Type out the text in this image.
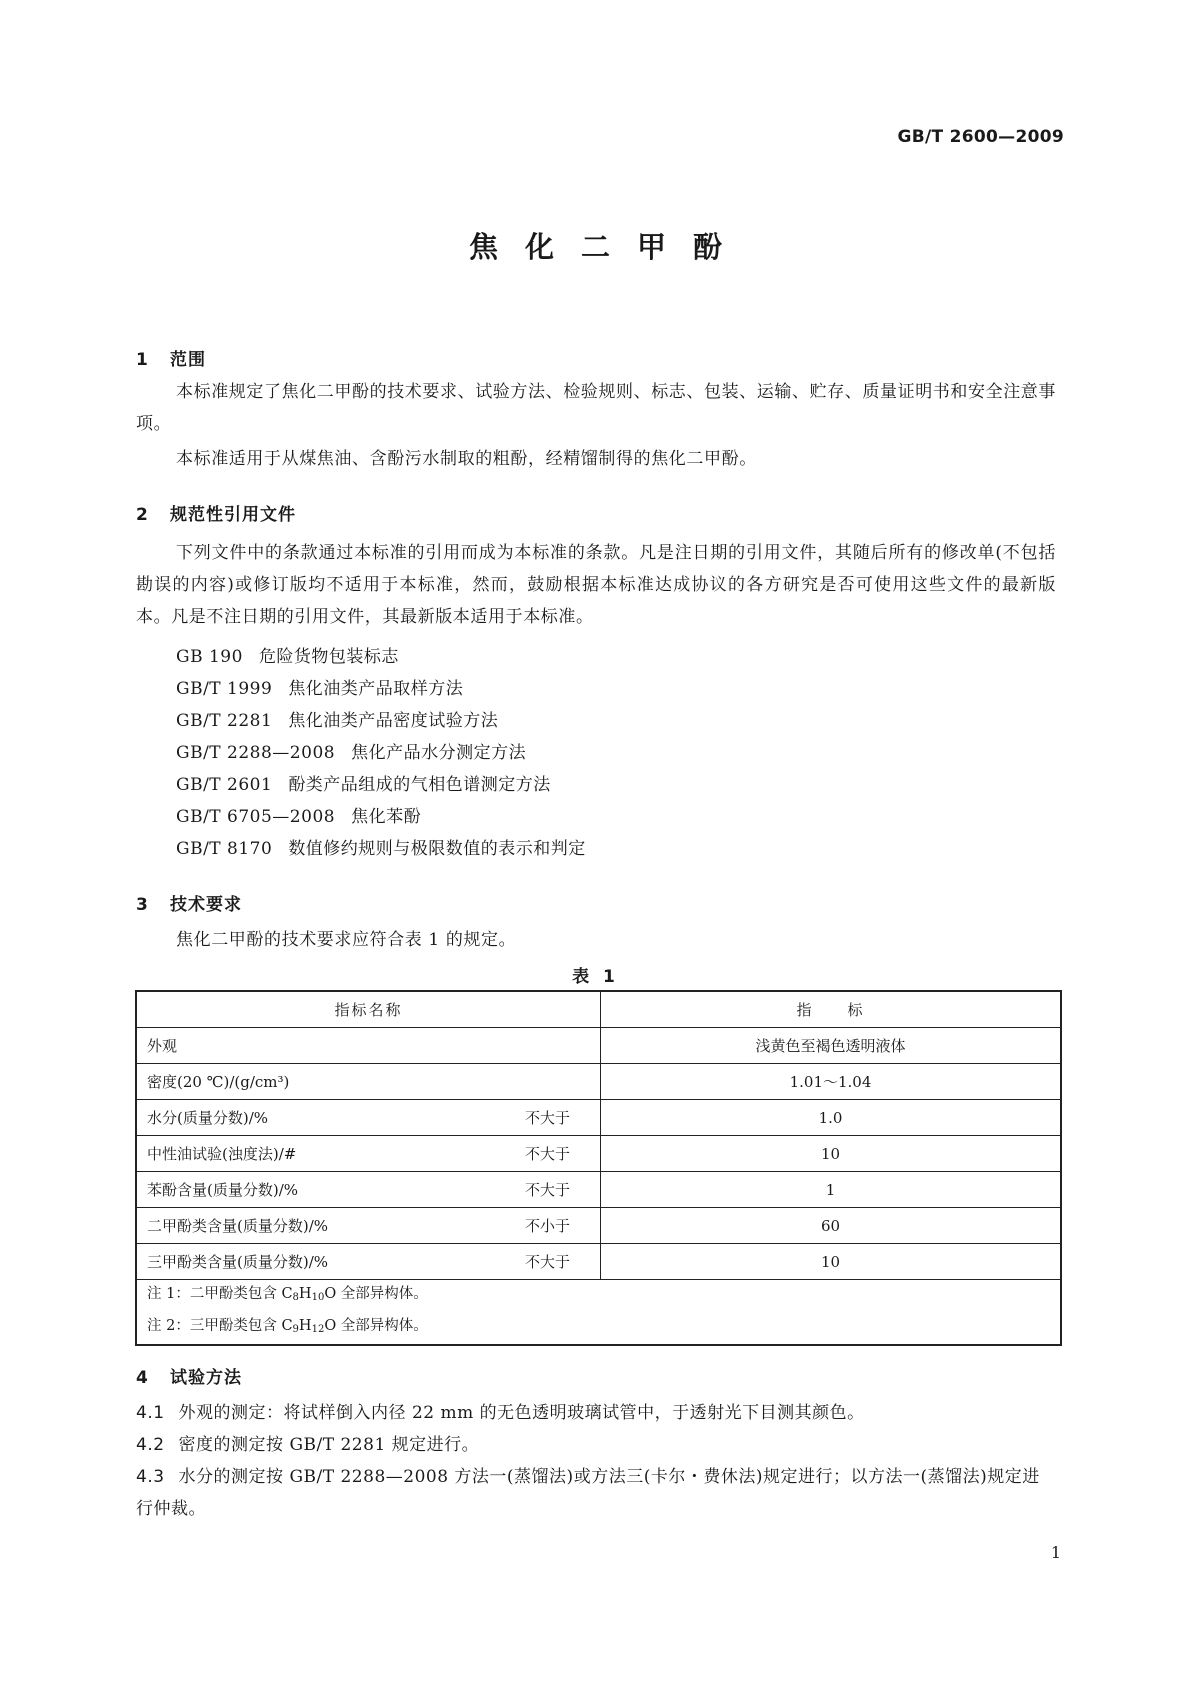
GB/T 2600—2009
焦化二甲酚
1 范围
本标准规定了焦化二甲酚的技术要求、试验方法、检验规则、标志、包装、运输、贮存、质量证明书和安全注意事项。
本标准适用于从煤焦油、含酚污水制取的粗酚，经精馏制得的焦化二甲酚。
2 规范性引用文件
下列文件中的条款通过本标准的引用而成为本标准的条款。凡是注日期的引用文件，其随后所有的修改单(不包括勘误的内容)或修订版均不适用于本标准，然而，鼓励根据本标准达成协议的各方研究是否可使用这些文件的最新版本。凡是不注日期的引用文件，其最新版本适用于本标准。
GB 190 危险货物包装标志
GB/T 1999 焦化油类产品取样方法
GB/T 2281 焦化油类产品密度试验方法
GB/T 2288—2008 焦化产品水分测定方法
GB/T 2601 酚类产品组成的气相色谱测定方法
GB/T 6705—2008 焦化苯酚
GB/T 8170 数值修约规则与极限数值的表示和判定
3 技术要求
焦化二甲酚的技术要求应符合表 1 的规定。
表 1
指标名称	指　　标
外观	浅黄色至褐色透明液体
密度(20 ℃)/(g/cm³)	1.01～1.04
水分(质量分数)/% 不大于	1.0
中性油试验(浊度法)/# 不大于	10
苯酚含量(质量分数)/% 不大于	1
二甲酚类含量(质量分数)/% 不小于	60
三甲酚类含量(质量分数)/% 不大于	10

注 1：二甲酚类包含 $C_8H_{10}O$ 全部异构体。
注 2：三甲酚类包含 $C_9H_{12}O$ 全部异构体。	
4 试验方法
4.1 外观的测定：将试样倒入内径 22 mm 的无色透明玻璃试管中，于透射光下目测其颜色。
4.2 密度的测定按 GB/T 2281 规定进行。
4.3 水分的测定按 GB/T 2288—2008 方法一(蒸馏法)或方法三(卡尔・费休法)规定进行；以方法一(蒸馏法)规定进行仲裁。
1
